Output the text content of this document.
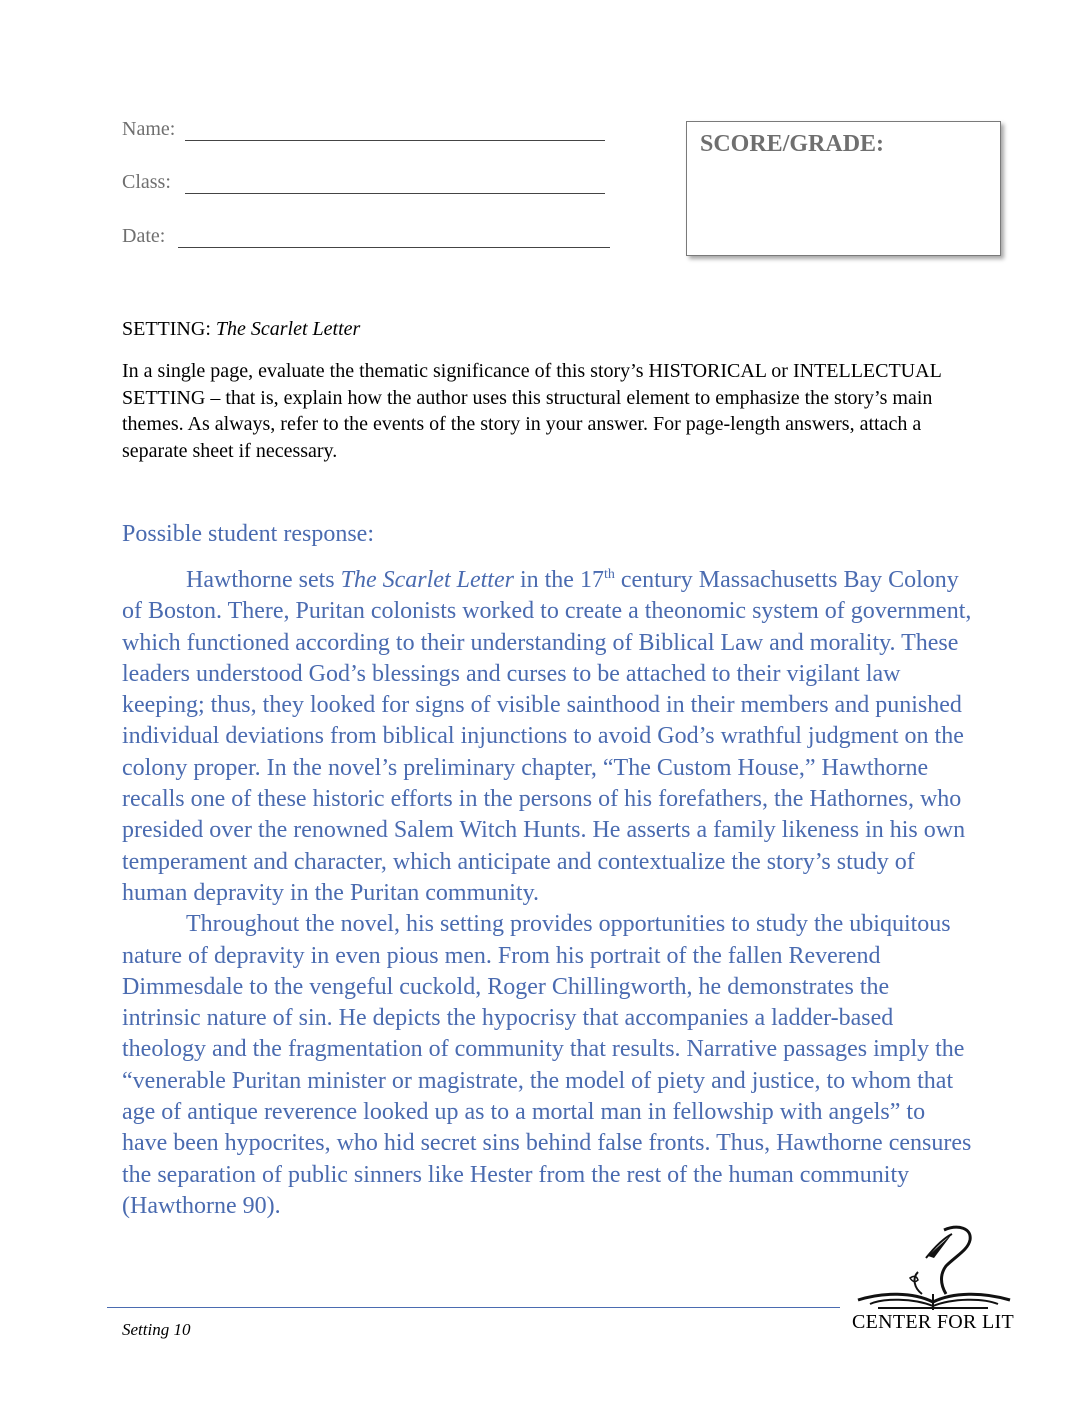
Name:
Class:
Date:
SCORE/GRADE:
SETTING: The Scarlet Letter
In a single page, evaluate the thematic significance of this story’s HISTORICAL or INTELLECTUAL SETTING – that is, explain how the author uses this structural element to emphasize the story’s main themes. As always, refer to the events of the story in your answer. For page-length answers, attach a separate sheet if necessary.
Possible student response:

Hawthorne sets The Scarlet Letter in the 17th century Massachusetts Bay Colony of Boston. There, Puritan colonists worked to create a theonomic system of government, which functioned according to their understanding of Biblical Law and morality. These leaders understood God’s blessings and curses to be attached to their vigilant law keeping; thus, they looked for signs of visible sainthood in their members and punished individual deviations from biblical injunctions to avoid God’s wrathful judgment on the colony proper. In the novel’s preliminary chapter, “The Custom House,” Hawthorne recalls one of these historic efforts in the persons of his forefathers, the Hathornes, who presided over the renowned Salem Witch Hunts. He asserts a family likeness in his own temperament and character, which anticipate and contextualize the story’s study of human depravity in the Puritan community.

Throughout the novel, his setting provides opportunities to study the ubiquitous nature of depravity in even pious men. From his portrait of the fallen Reverend Dimmesdale to the vengeful cuckold, Roger Chillingworth, he demonstrates the intrinsic nature of sin. He depicts the hypocrisy that accompanies a ladder-based theology and the fragmentation of community that results. Narrative passages imply the “venerable Puritan minister or magistrate, the model of piety and justice, to whom that age of antique reverence looked up as to a mortal man in fellowship with angels” to have been hypocrites, who hid secret sins behind false fronts. Thus, Hawthorne censures the separation of public sinners like Hester from the rest of the human community (Hawthorne 90).

Setting 10	CENTER FOR LIT
